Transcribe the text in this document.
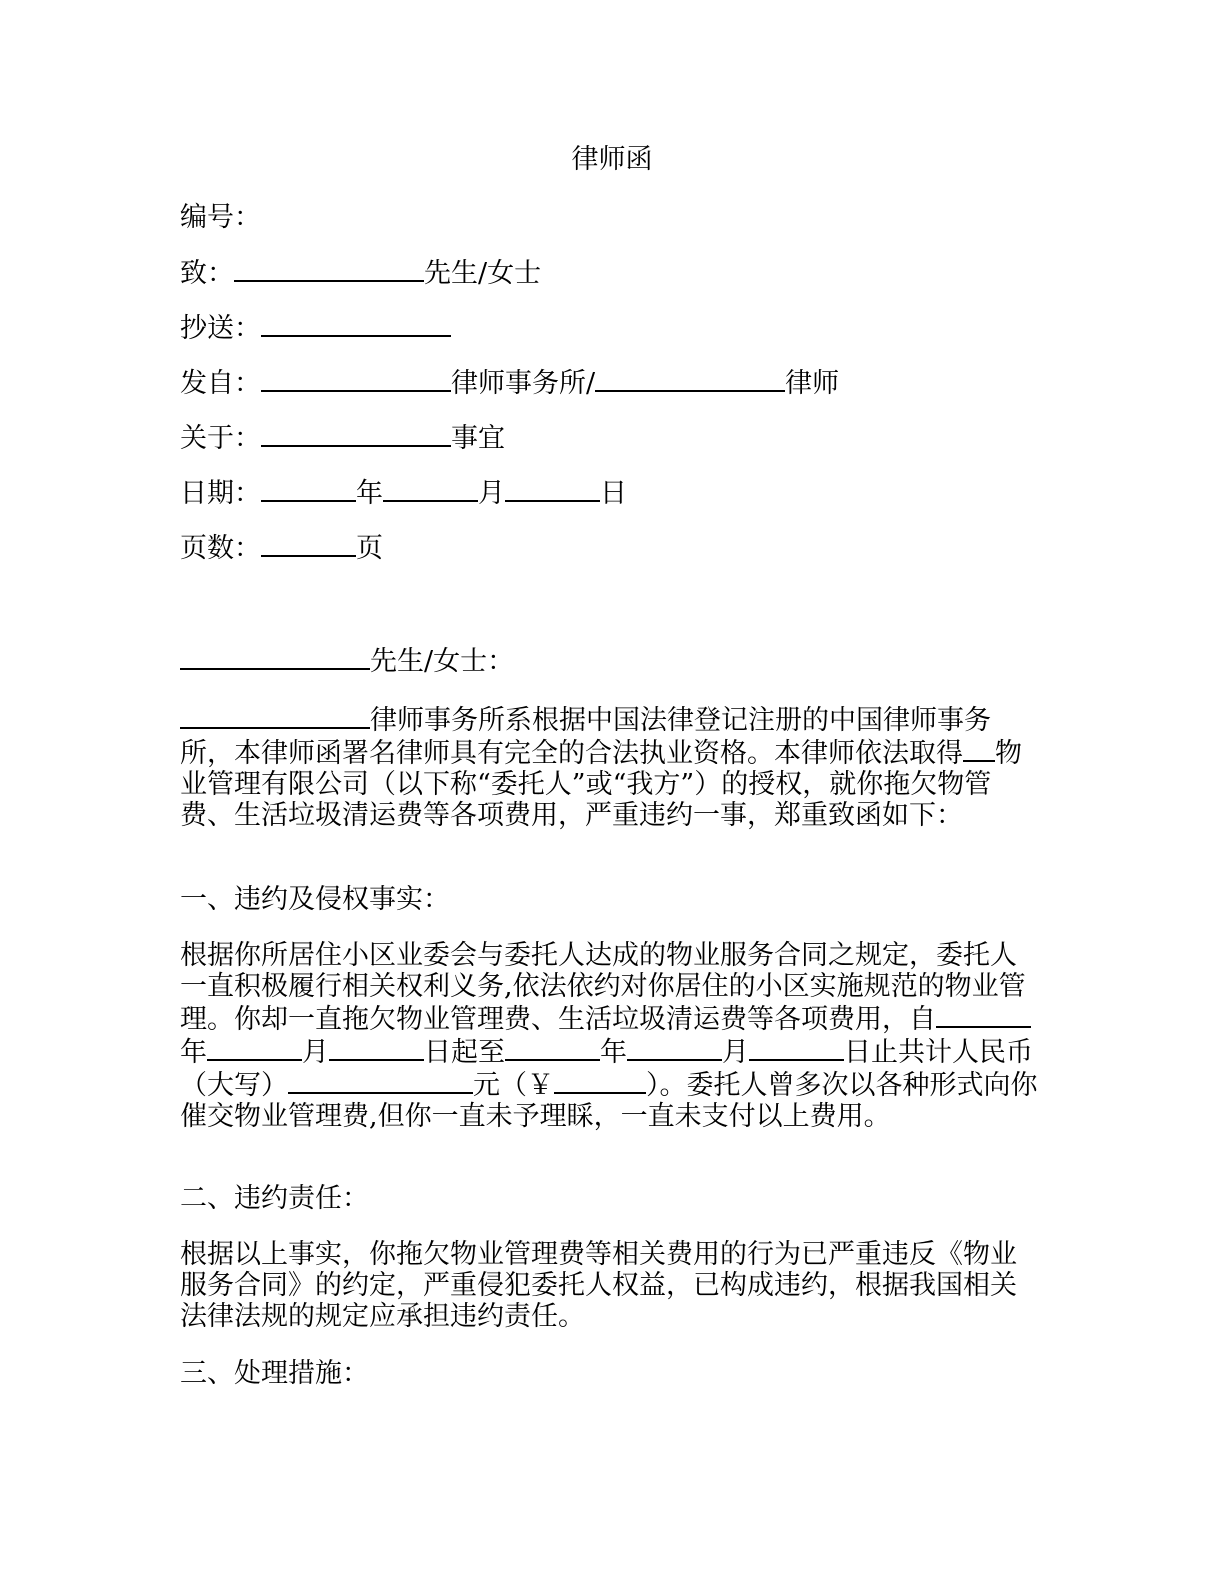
律师函
编号：
致：	先生/女士
抄送：
发自：	律师事务所/	律师
关于：	事宜
日期：	年	月	日
页数：	页
先生/女士：
律师事务所系根据中国法律登记注册的中国律师事务所，本律师函署名律师具有完全的合法执业资格。本律师依法取得 物业管理有限公司（以下称“委托人”或“我方”）的授权，就你拖欠物管费、生活垃圾清运费等各项费用，严重违约一事，郑重致函如下：
一、违约及侵权事实：
根据你所居住小区业委会与委托人达成的物业服务合同之规定，委托人一直积极履行相关权利义务,依法依约对你居住的小区实施规范的物业管理。你却一直拖欠物业管理费、生活垃圾清运费等各项费用，自年	月	日起至	年	月	日止共计人民币（大写）	元（￥	）。委托人曾多次以各种形式向你催交物业管理费,但你一直未予理睬，一直未支付以上费用。
二、违约责任：
根据以上事实，你拖欠物业管理费等相关费用的行为已严重违反《物业服务合同》的约定，严重侵犯委托人权益，已构成违约，根据我国相关法律法规的规定应承担违约责任。
三、处理措施：
